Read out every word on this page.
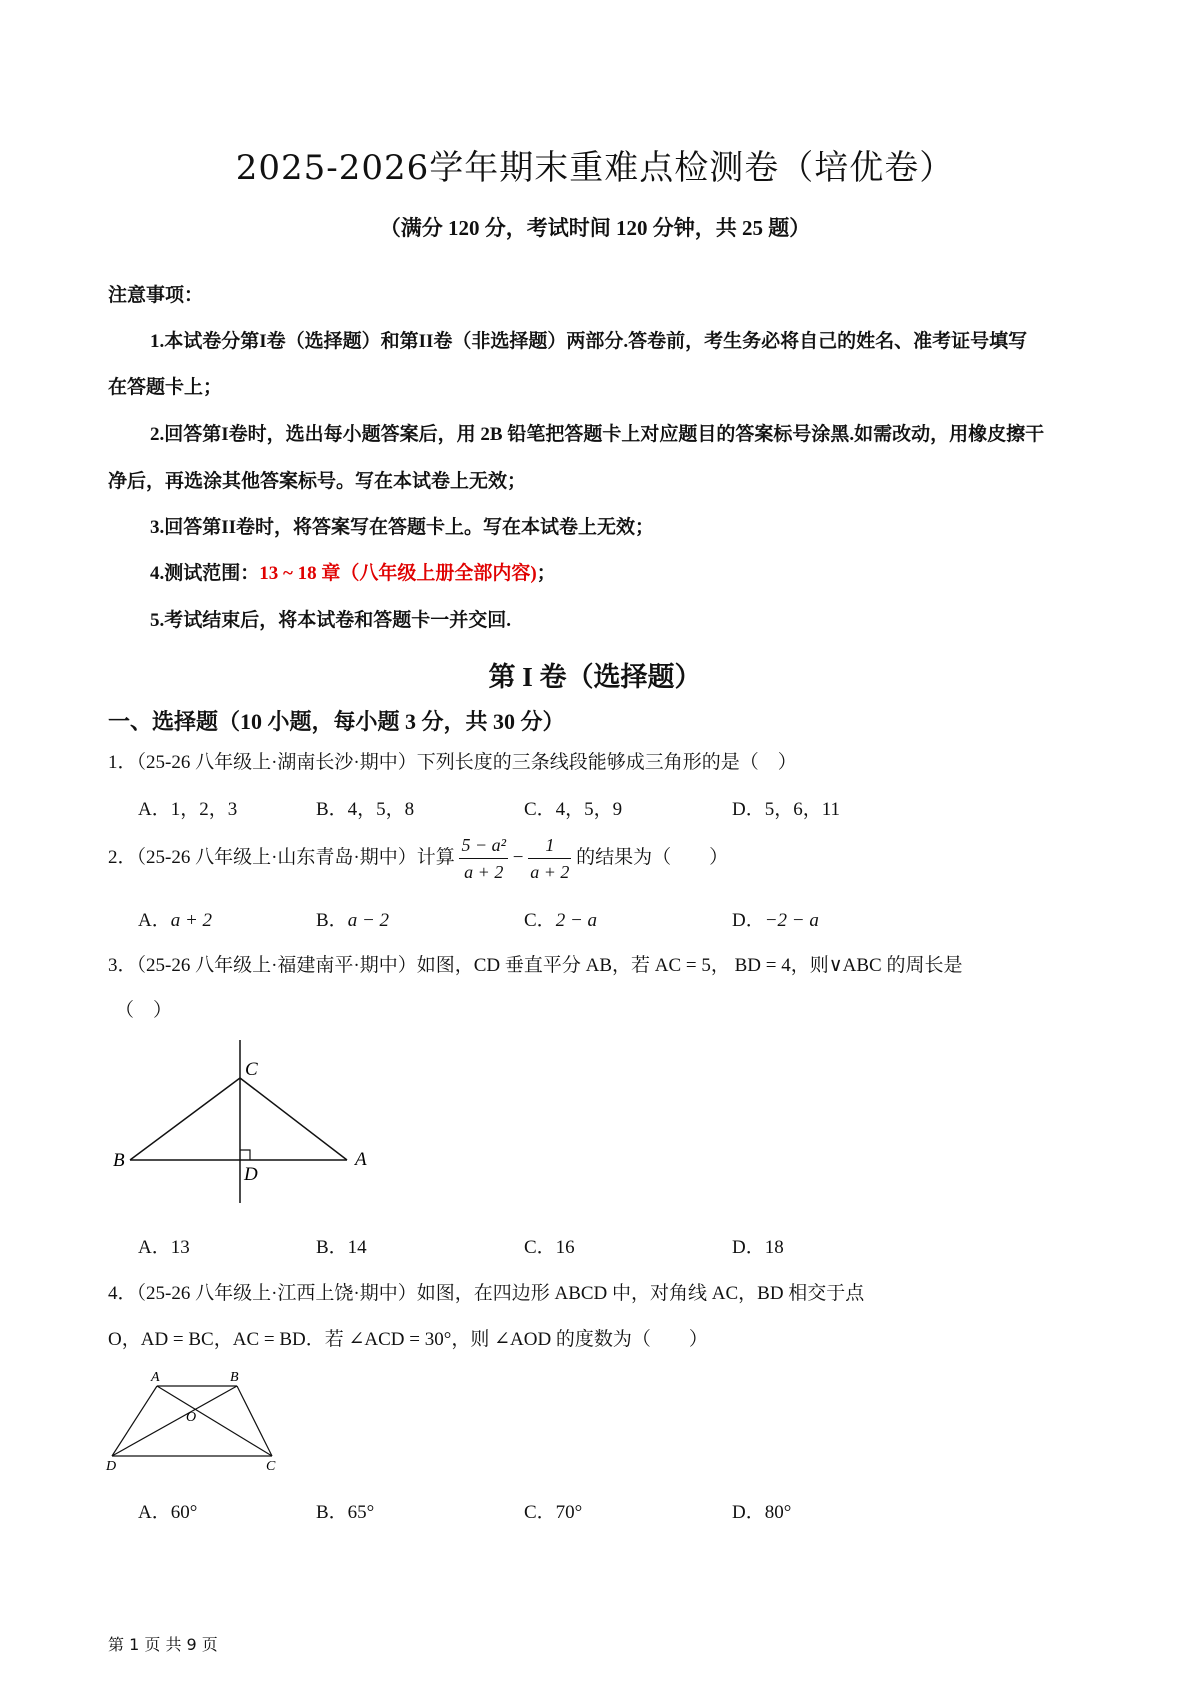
2025-2026学年期末重难点检测卷（培优卷）
（满分 120 分，考试时间 120 分钟，共 25 题）
注意事项：
1.本试卷分第I卷（选择题）和第II卷（非选择题）两部分.答卷前，考生务必将自己的姓名、准考证号填写
在答题卡上；
2.回答第I卷时，选出每小题答案后，用 2B 铅笔把答题卡上对应题目的答案标号涂黑.如需改动，用橡皮擦干
净后，再选涂其他答案标号。写在本试卷上无效；
3.回答第II卷时，将答案写在答题卡上。写在本试卷上无效；
4.测试范围：13 ~ 18 章（八年级上册全部内容)；
5.考试结束后，将本试卷和答题卡一并交回.
第 I 卷（选择题）
一、选择题（10 小题，每小题 3 分，共 30 分）
1．（25-26 八年级上·湖南长沙·期中）下列长度的三条线段能够成三角形的是（　）
A．1，2，3	B．4，5，8	C．4，5，9	D．5，6，11
2．（25-26 八年级上·山东青岛·期中）计算 $\frac{\text{5 − a²}}{a + 2} - \frac{1}{a + 2}$ 的结果为（　　）
A．a + 2	B．a − 2	C．2 − a	D．−2 − a
3．（25-26 八年级上·福建南平·期中）如图，CD 垂直平分 AB，若 AC = 5， BD = 4，则∨ABC 的周长是
（　）
C
B	A
D
A．13	B．14	C．16	D．18
4．（25-26 八年级上·江西上饶·期中）如图，在四边形 ABCD 中，对角线 AC，BD 相交于点
O，AD = BC，AC = BD．若 ∠ACD = 30°，则 ∠AOD 的度数为（　　）
A	B
O
D	C
A．60°	B．65°	C．70°	D．80°
第 1 页 共 9 页
